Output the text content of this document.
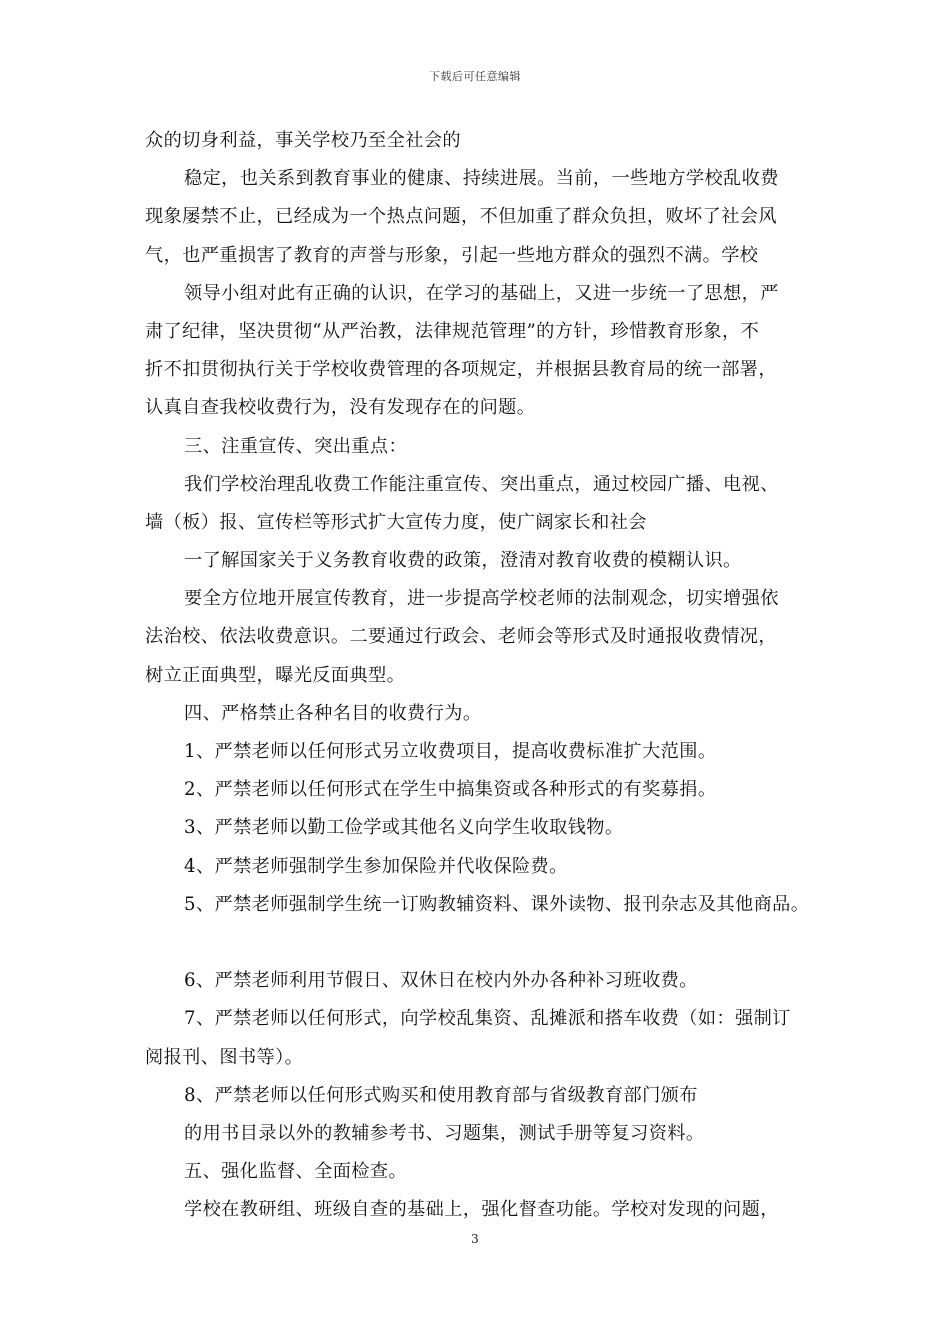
下载后可任意编辑
众的切身利益，事关学校乃至全社会的
稳定，也关系到教育事业的健康、持续进展。当前，一些地方学校乱收费
现象屡禁不止，已经成为一个热点问题，不但加重了群众负担，败坏了社会风
气，也严重损害了教育的声誉与形象，引起一些地方群众的强烈不满。学校
领导小组对此有正确的认识，在学习的基础上，又进一步统一了思想，严
肃了纪律，坚决贯彻“从严治教，法律规范管理”的方针，珍惜教育形象，不
折不扣贯彻执行关于学校收费管理的各项规定，并根据县教育局的统一部署，
认真自查我校收费行为，没有发现存在的问题。
三、注重宣传、突出重点：
我们学校治理乱收费工作能注重宣传、突出重点，通过校园广播、电视、
墙（板）报、宣传栏等形式扩大宣传力度，使广阔家长和社会
一了解国家关于义务教育收费的政策，澄清对教育收费的模糊认识。
要全方位地开展宣传教育，进一步提高学校老师的法制观念，切实增强依
法治校、依法收费意识。二要通过行政会、老师会等形式及时通报收费情况，
树立正面典型，曝光反面典型。
四、严格禁止各种名目的收费行为。
1、严禁老师以任何形式另立收费项目，提高收费标准扩大范围。
2、严禁老师以任何形式在学生中搞集资或各种形式的有奖募捐。
3、严禁老师以勤工俭学或其他名义向学生收取钱物。
4、严禁老师强制学生参加保险并代收保险费。
5、严禁老师强制学生统一订购教辅资料、课外读物、报刊杂志及其他商品。
6、严禁老师利用节假日、双休日在校内外办各种补习班收费。
7、严禁老师以任何形式，向学校乱集资、乱摊派和搭车收费（如：强制订
阅报刊、图书等）。
8、严禁老师以任何形式购买和使用教育部与省级教育部门颁布
的用书目录以外的教辅参考书、习题集，测试手册等复习资料。
五、强化监督、全面检查。
学校在教研组、班级自查的基础上，强化督查功能。学校对发现的问题，
3
